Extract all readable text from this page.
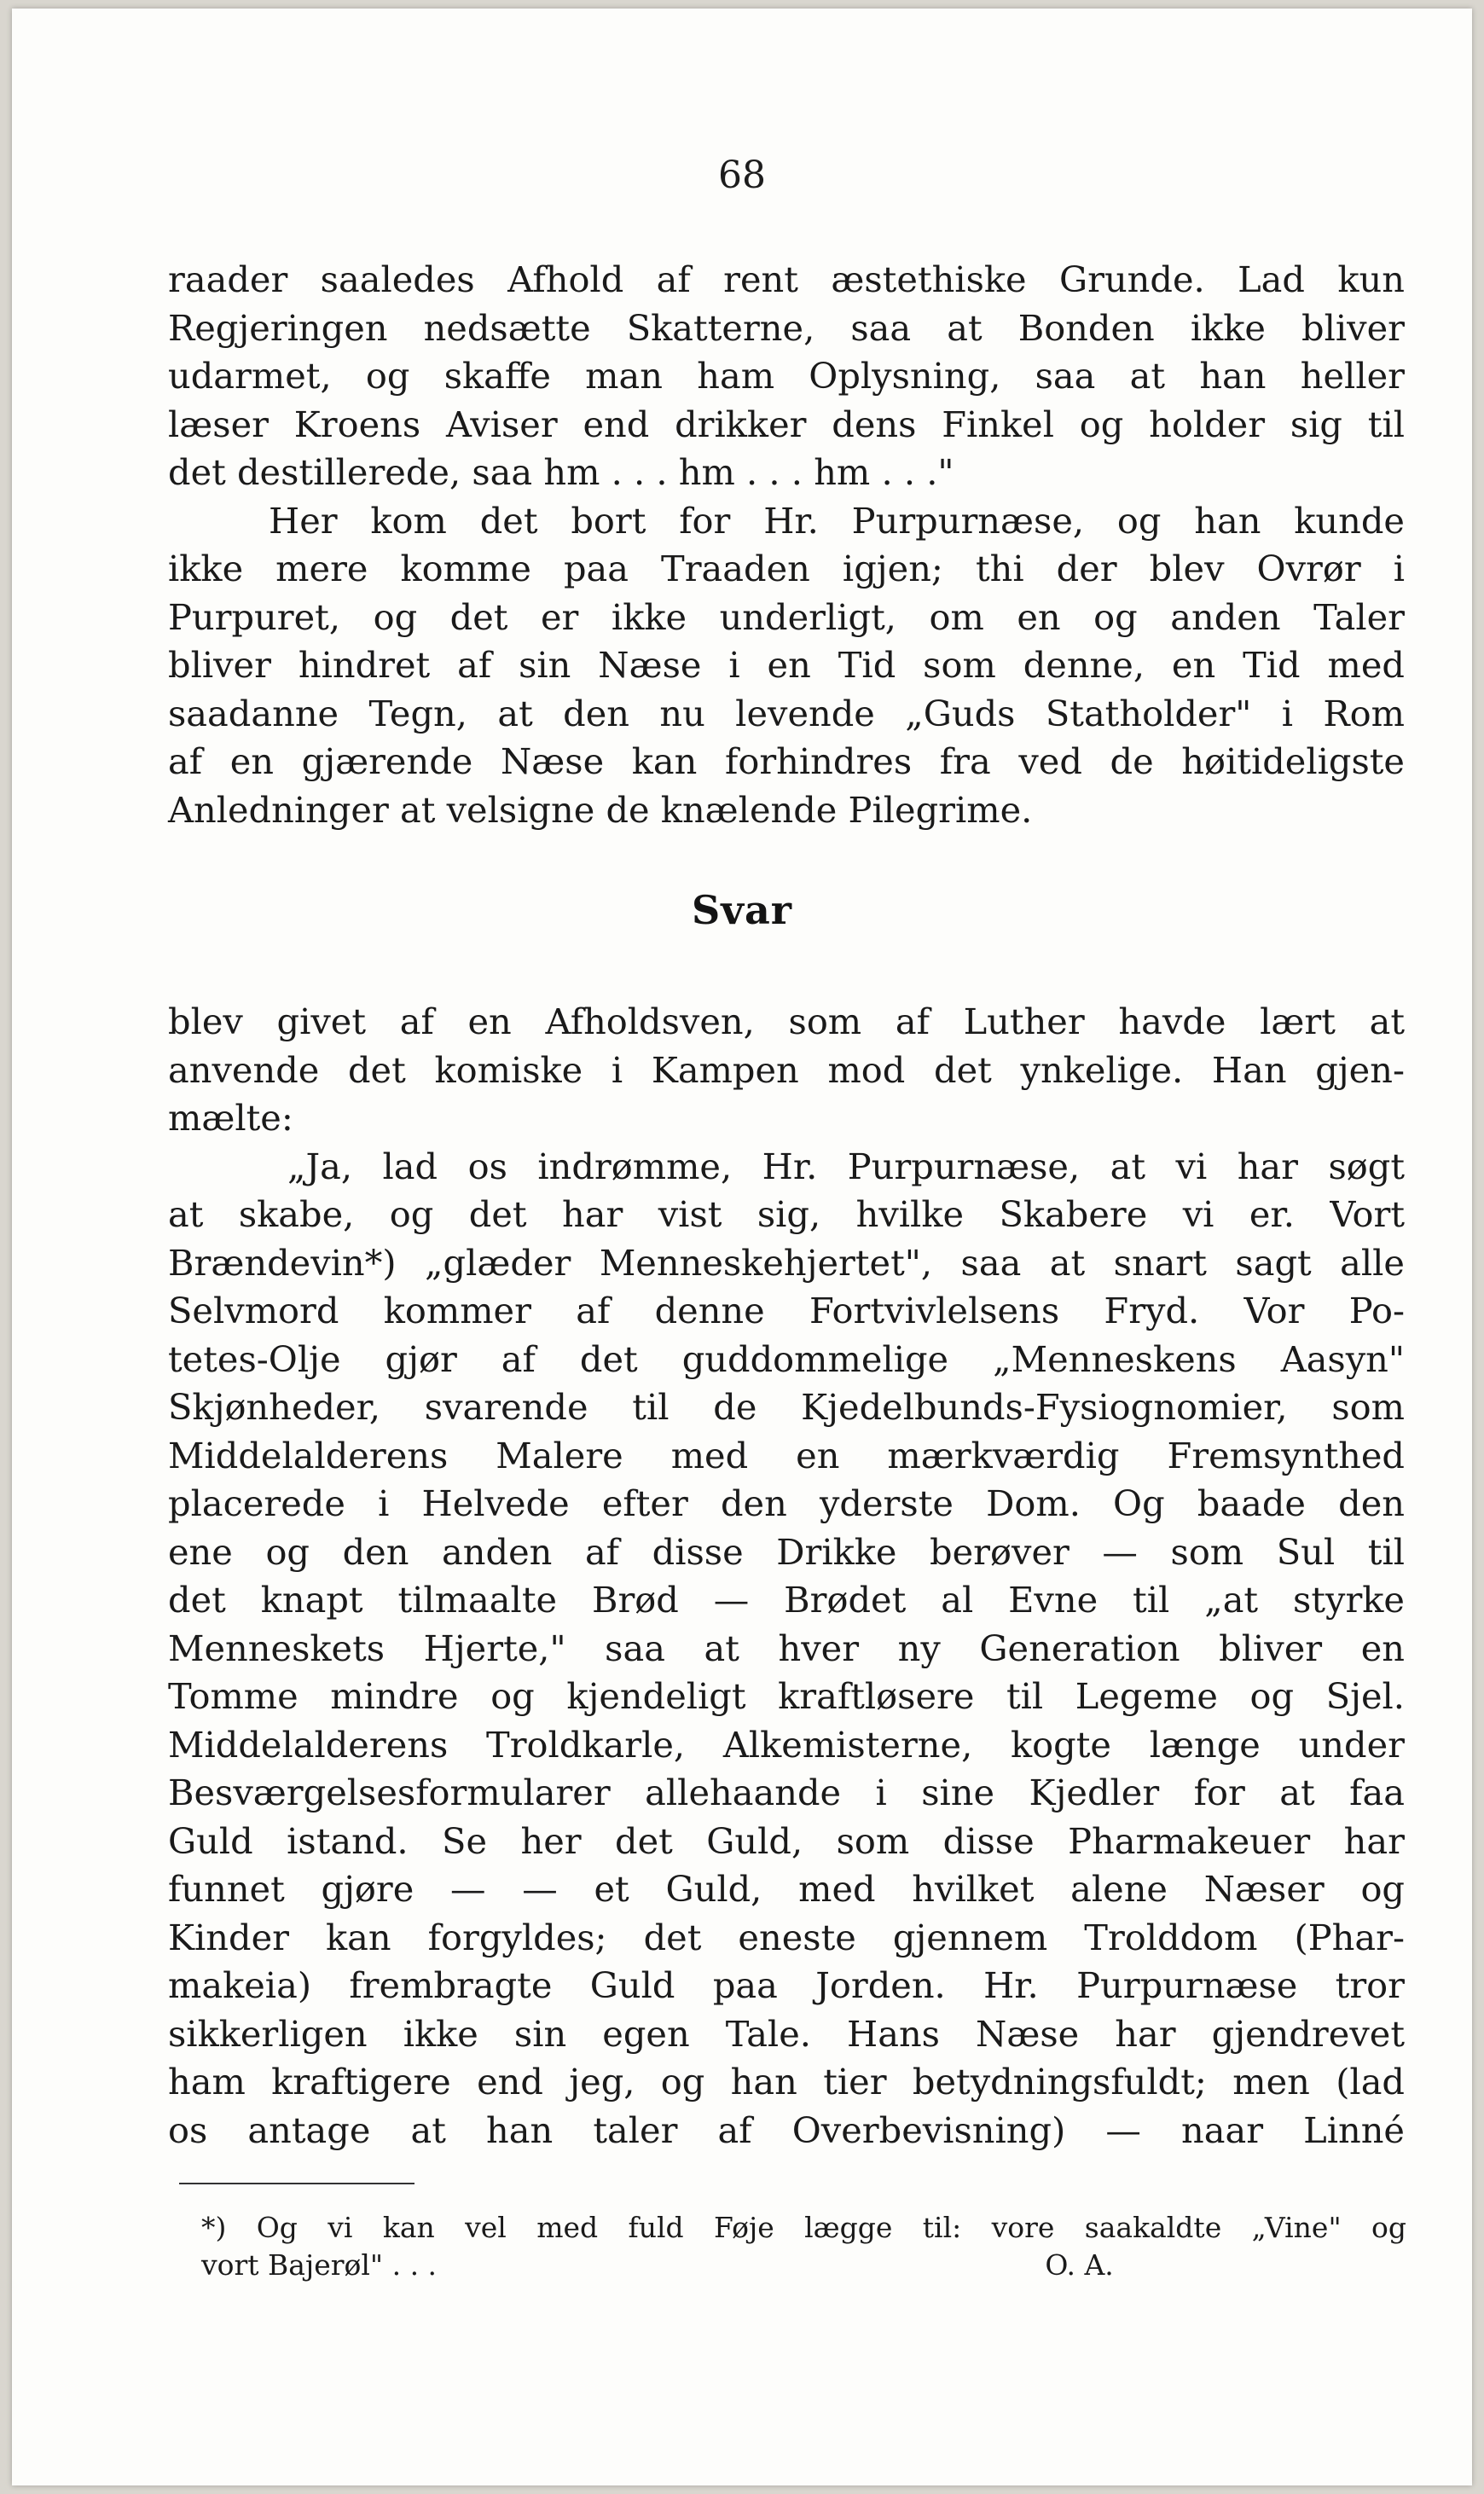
68
raader saaledes Afhold af rent æstethiske Grunde. Lad kun
Regjeringen nedsætte Skatterne, saa at Bonden ikke bliver
udarmet, og skaffe man ham Oplysning, saa at han heller
læser Kroens Aviser end drikker dens Finkel og holder sig til
det destillerede, saa hm . . . hm . . . hm . . ."
Her kom det bort for Hr. Purpurnæse, og han kunde
ikke mere komme paa Traaden igjen; thi der blev Ovrør i
Purpuret, og det er ikke underligt, om en og anden Taler
bliver hindret af sin Næse i en Tid som denne, en Tid med
saadanne Tegn, at den nu levende „Guds Statholder" i Rom
af en gjærende Næse kan forhindres fra ved de høitideligste
Anledninger at velsigne de knælende Pilegrime.
Svar
blev givet af en Afholdsven, som af Luther havde lært at
anvende det komiske i Kampen mod det ynkelige. Han gjen-
mælte:
„Ja, lad os indrømme, Hr. Purpurnæse, at vi har søgt
at skabe, og det har vist sig, hvilke Skabere vi er. Vort
Brændevin*) „glæder Menneskehjertet", saa at snart sagt alle
Selvmord kommer af denne Fortvivlelsens Fryd. Vor Po-
tetes-Olje gjør af det guddommelige „Menneskens Aasyn"
Skjønheder, svarende til de Kjedelbunds-Fysiognomier, som
Middelalderens Malere med en mærkværdig Fremsynthed
placerede i Helvede efter den yderste Dom. Og baade den
ene og den anden af disse Drikke berøver — som Sul til
det knapt tilmaalte Brød — Brødet al Evne til „at styrke
Menneskets Hjerte," saa at hver ny Generation bliver en
Tomme mindre og kjendeligt kraftløsere til Legeme og Sjel.
Middelalderens Troldkarle, Alkemisterne, kogte længe under
Besværgelsesformularer allehaande i sine Kjedler for at faa
Guld istand. Se her det Guld, som disse Pharmakeuer har
funnet gjøre — — et Guld, med hvilket alene Næser og
Kinder kan forgyldes; det eneste gjennem Trolddom (Phar-
makeia) frembragte Guld paa Jorden. Hr. Purpurnæse tror
sikkerligen ikke sin egen Tale. Hans Næse har gjendrevet
ham kraftigere end jeg, og han tier betydningsfuldt; men (lad
os antage at han taler af Overbevisning) — naar Linné
*) Og vi kan vel med fuld Føje lægge til: vore saakaldte „Vine" og
vort Bajerøl" . . .                                                                    O. A.
